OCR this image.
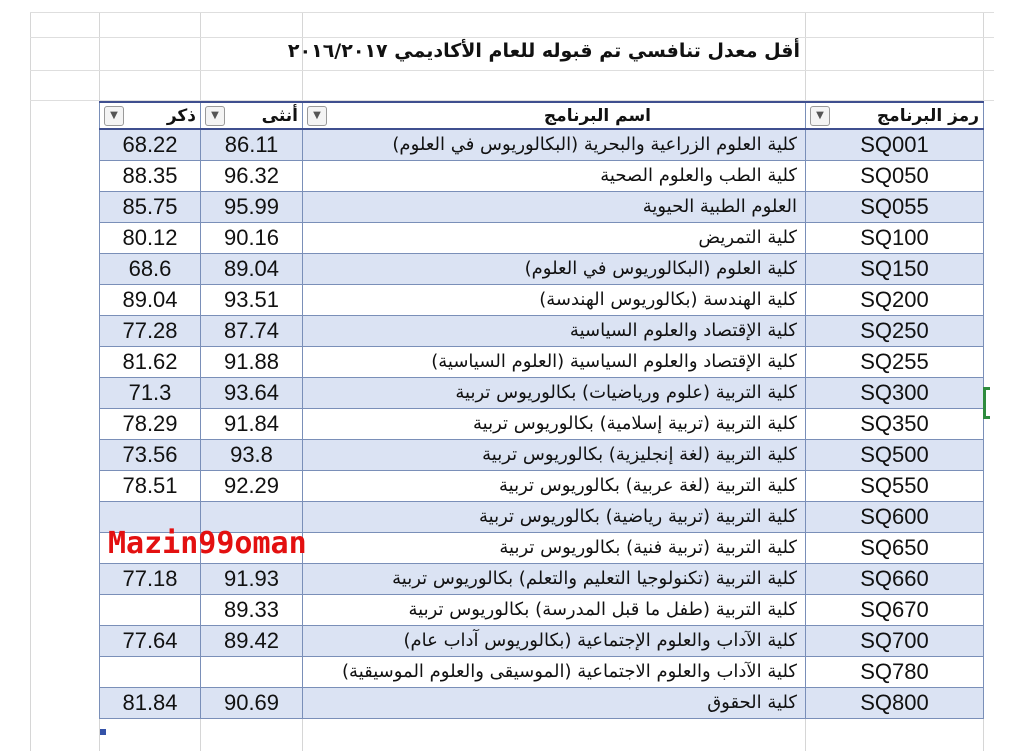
أقل معدل تنافسي تم قبوله للعام الأكاديمي ٢٠١٦/٢٠١٧
▼ ذكر	▼ أنثى	▼ اسم البرنامج	▼ رمز البرنامج

68.22	86.11	كلية العلوم الزراعية والبحرية (البكالوريوس في العلوم)	SQ001
88.35	96.32	كلية الطب والعلوم الصحية	SQ050
85.75	95.99	العلوم الطبية الحيوية	SQ055
80.12	90.16	كلية التمريض	SQ100
68.6	89.04	كلية العلوم (البكالوريوس في العلوم)	SQ150
89.04	93.51	كلية الهندسة (بكالوريوس الهندسة)	SQ200
77.28	87.74	كلية الإقتصاد والعلوم السياسية	SQ250
81.62	91.88	كلية الإقتصاد والعلوم السياسية (العلوم السياسية)	SQ255
71.3	93.64	كلية التربية (علوم ورياضيات) بكالوريوس تربية	SQ300
78.29	91.84	كلية التربية (تربية إسلامية) بكالوريوس تربية	SQ350
73.56	93.8	كلية التربية (لغة إنجليزية) بكالوريوس تربية	SQ500
78.51	92.29	كلية التربية (لغة عربية) بكالوريوس تربية	SQ550
		كلية التربية (تربية رياضية) بكالوريوس تربية	SQ600
		كلية التربية (تربية فنية) بكالوريوس تربية	SQ650
77.18	91.93	كلية التربية (تكنولوجيا التعليم والتعلم) بكالوريوس تربية	SQ660
	89.33	كلية التربية (طفل ما قبل المدرسة) بكالوريوس تربية	SQ670
77.64	89.42	كلية الآداب والعلوم الإجتماعية (بكالوريوس آداب عام)	SQ700
		كلية الآداب والعلوم الاجتماعية (الموسيقى والعلوم الموسيقية)	SQ780
81.84	90.69	كلية الحقوق	SQ800
Mazin99oman
